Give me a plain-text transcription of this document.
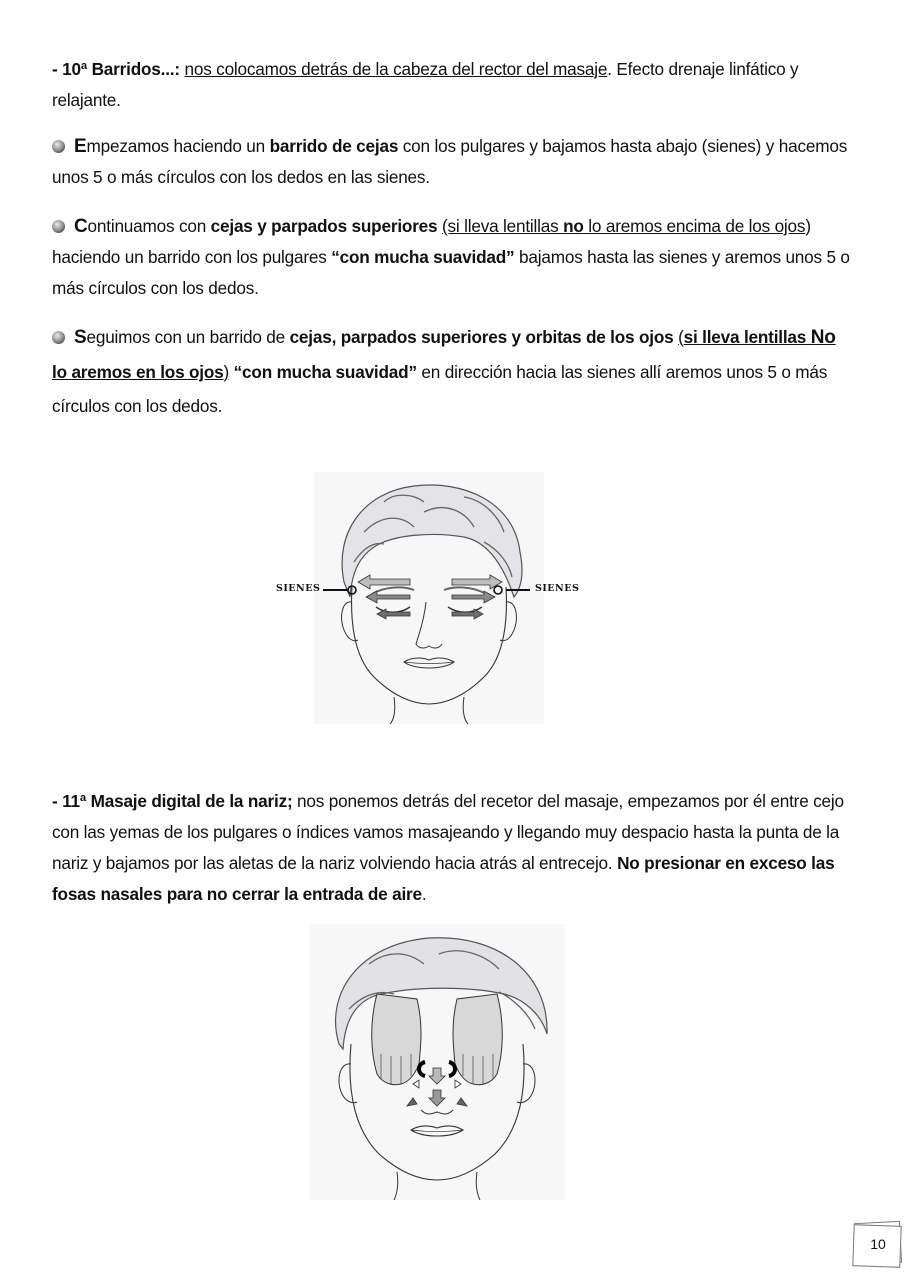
- 10ª Barridos...: nos colocamos detrás de la cabeza del rector del masaje. Efecto drenaje linfático y relajante.
Empezamos haciendo un barrido de cejas con los pulgares y bajamos hasta abajo (sienes) y hacemos unos 5 o más círculos con los dedos en las sienes.
Continuamos con cejas y parpados superiores (si lleva lentillas no lo aremos encima de los ojos) haciendo un barrido con los pulgares “con mucha suavidad” bajamos hasta las sienes y aremos unos 5 o más círculos con los dedos.
Seguimos con un barrido de cejas, parpados superiores y orbitas de los ojos (si lleva lentillas No lo aremos en los ojos) “con mucha suavidad” en dirección hacia las sienes allí aremos unos 5 o más círculos con los dedos.
SIENES	SIENES
- 11ª Masaje digital de la nariz; nos ponemos detrás del recetor del masaje, empezamos por él entre cejo con las yemas de los pulgares o índices vamos masajeando y llegando muy despacio hasta la punta de la nariz y bajamos por las aletas de la nariz volviendo hacia atrás al entrecejo. No presionar en exceso las fosas nasales para no cerrar la entrada de aire.
10
